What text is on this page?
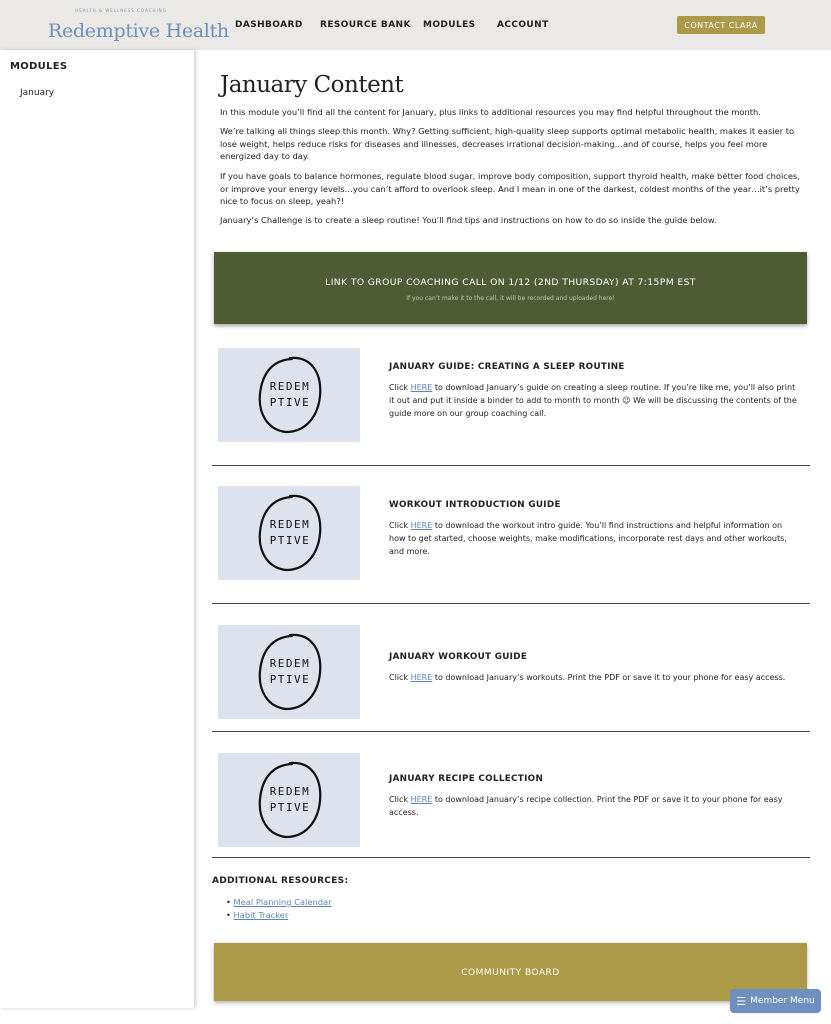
HEALTH & WELLNESS COACHING
Redemptive Health DASHBOARD RESOURCE BANK MODULES ACCOUNT	CONTACT CLARA
MODULES
January	January Content

In this module you’ll find all the content for January, plus links to additional resources you may find helpful throughout the month.

We’re talking all things sleep this month. Why? Getting sufficient, high-quality sleep supports optimal metabolic health, makes it easier to lose weight, helps reduce risks for diseases and illnesses, decreases irrational decision-making…and of course, helps you feel more energized day to day.

If you have goals to balance hormones, regulate blood sugar, improve body composition, support thyroid health, make better food choices, or improve your energy levels…you can’t afford to overlook sleep. And I mean in one of the darkest, coldest months of the year…it’s pretty nice to focus on sleep, yeah?!

January’s Challenge is to create a sleep routine! You’ll find tips and instructions on how to do so inside the guide below.

LINK TO GROUP COACHING CALL ON 1/12 (2ND THURSDAY) AT 7:15PM EST
If you can’t make it to the call, it will be recorded and uploaded here!
REDEM
PTIVE
JANUARY GUIDE: CREATING A SLEEP ROUTINE
Click HERE to download January’s guide on creating a sleep routine. If you’re like me, you’ll also print it out and put it inside a binder to add to month to month 😉 We will be discussing the contents of the guide more on our group coaching call.
REDEM
PTIVE
WORKOUT INTRODUCTION GUIDE
Click HERE to download the workout intro guide. You’ll find instructions and helpful information on how to get started, choose weights, make modifications, incorporate rest days and other workouts, and more.
REDEM
PTIVE
JANUARY WORKOUT GUIDE
Click HERE to download January’s workouts. Print the PDF or save it to your phone for easy access.
REDEM
PTIVE
JANUARY RECIPE COLLECTION
Click HERE to download January’s recipe collection. Print the PDF or save it to your phone for easy access.
ADDITIONAL RESOURCES:
• Meal Planning Calendar
• Habit Tracker
COMMUNITY BOARD
☰ Member Menu
